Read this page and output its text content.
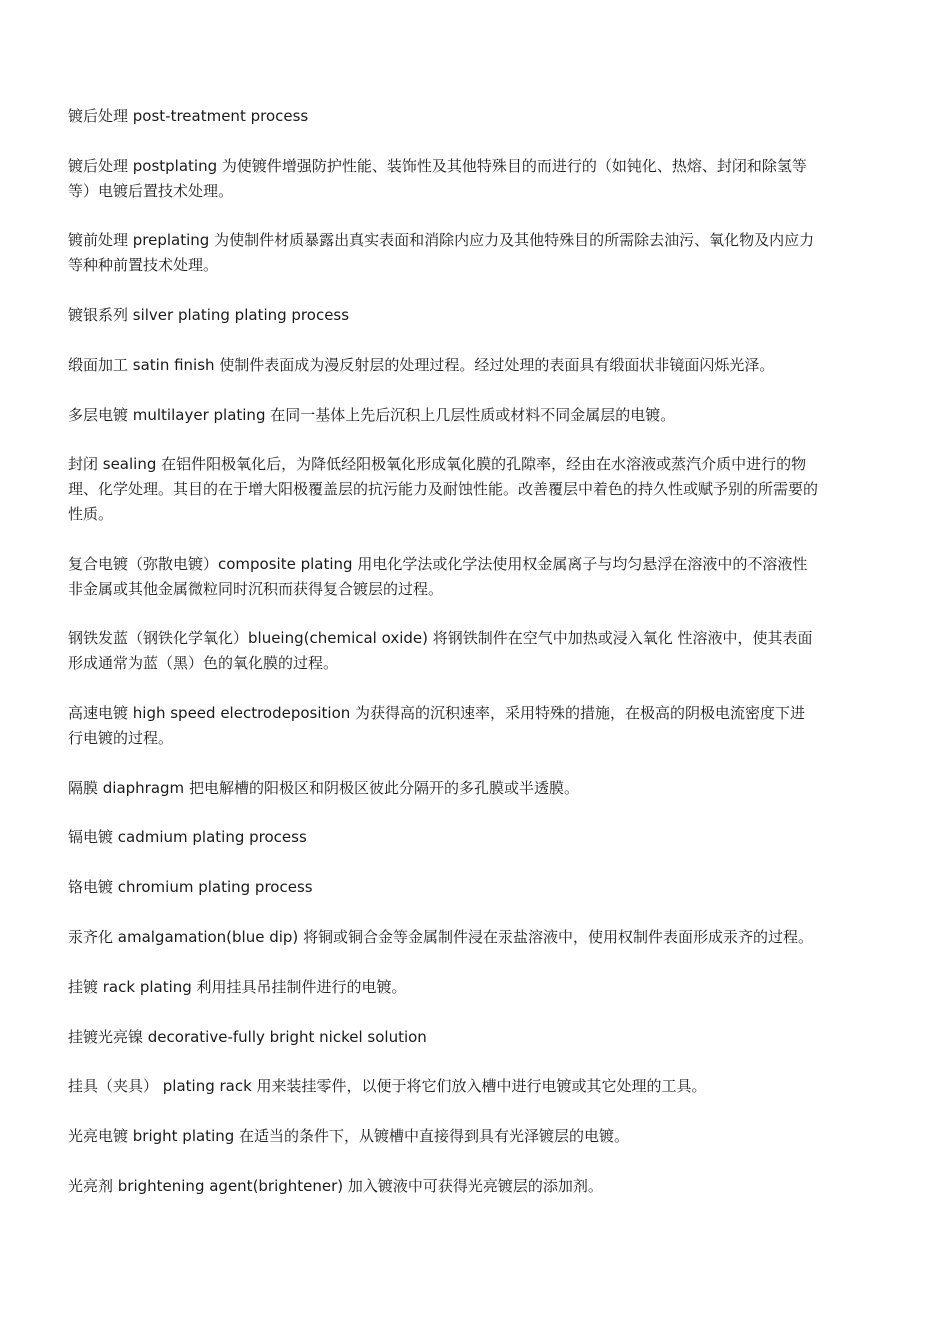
镀后处理 post-treatment process

镀后处理 postplating 为使镀件增强防护性能、装饰性及其他特殊目的而进行的（如钝化、热熔、封闭和除氢等等）电镀后置技术处理。

镀前处理 preplating 为使制件材质暴露出真实表面和消除内应力及其他特殊目的所需除去油污、氧化物及内应力等种种前置技术处理。

镀银系列 silver plating plating process

缎面加工 satin finish 使制件表面成为漫反射层的处理过程。经过处理的表面具有缎面状非镜面闪烁光泽。

多层电镀 multilayer plating 在同一基体上先后沉积上几层性质或材料不同金属层的电镀。

封闭 sealing 在铝件阳极氧化后，为降低经阳极氧化形成氧化膜的孔隙率，经由在水溶液或蒸汽介质中进行的物理、化学处理。其目的在于增大阳极覆盖层的抗污能力及耐蚀性能。改善覆层中着色的持久性或赋予别的所需要的性质。

复合电镀（弥散电镀）composite plating 用电化学法或化学法使用权金属离子与均匀悬浮在溶液中的不溶液性非金属或其他金属微粒同时沉积而获得复合镀层的过程。

钢铁发蓝（钢铁化学氧化）blueing(chemical oxide) 将钢铁制件在空气中加热或浸入氧化 性溶液中，使其表面形成通常为蓝（黑）色的氧化膜的过程。

高速电镀 high speed electrodeposition 为获得高的沉积速率，采用特殊的措施，在极高的阴极电流密度下进行电镀的过程。

隔膜 diaphragm 把电解槽的阳极区和阴极区彼此分隔开的多孔膜或半透膜。

镉电镀 cadmium plating process

铬电镀 chromium plating process

汞齐化 amalgamation(blue dip) 将铜或铜合金等金属制件浸在汞盐溶液中，使用权制件表面形成汞齐的过程。

挂镀 rack plating 利用挂具吊挂制件进行的电镀。

挂镀光亮镍 decorative-fully bright nickel solution

挂具（夹具） plating rack 用来装挂零件，以便于将它们放入槽中进行电镀或其它处理的工具。

光亮电镀 bright plating 在适当的条件下，从镀槽中直接得到具有光泽镀层的电镀。

光亮剂 brightening agent(brightener) 加入镀液中可获得光亮镀层的添加剂。
